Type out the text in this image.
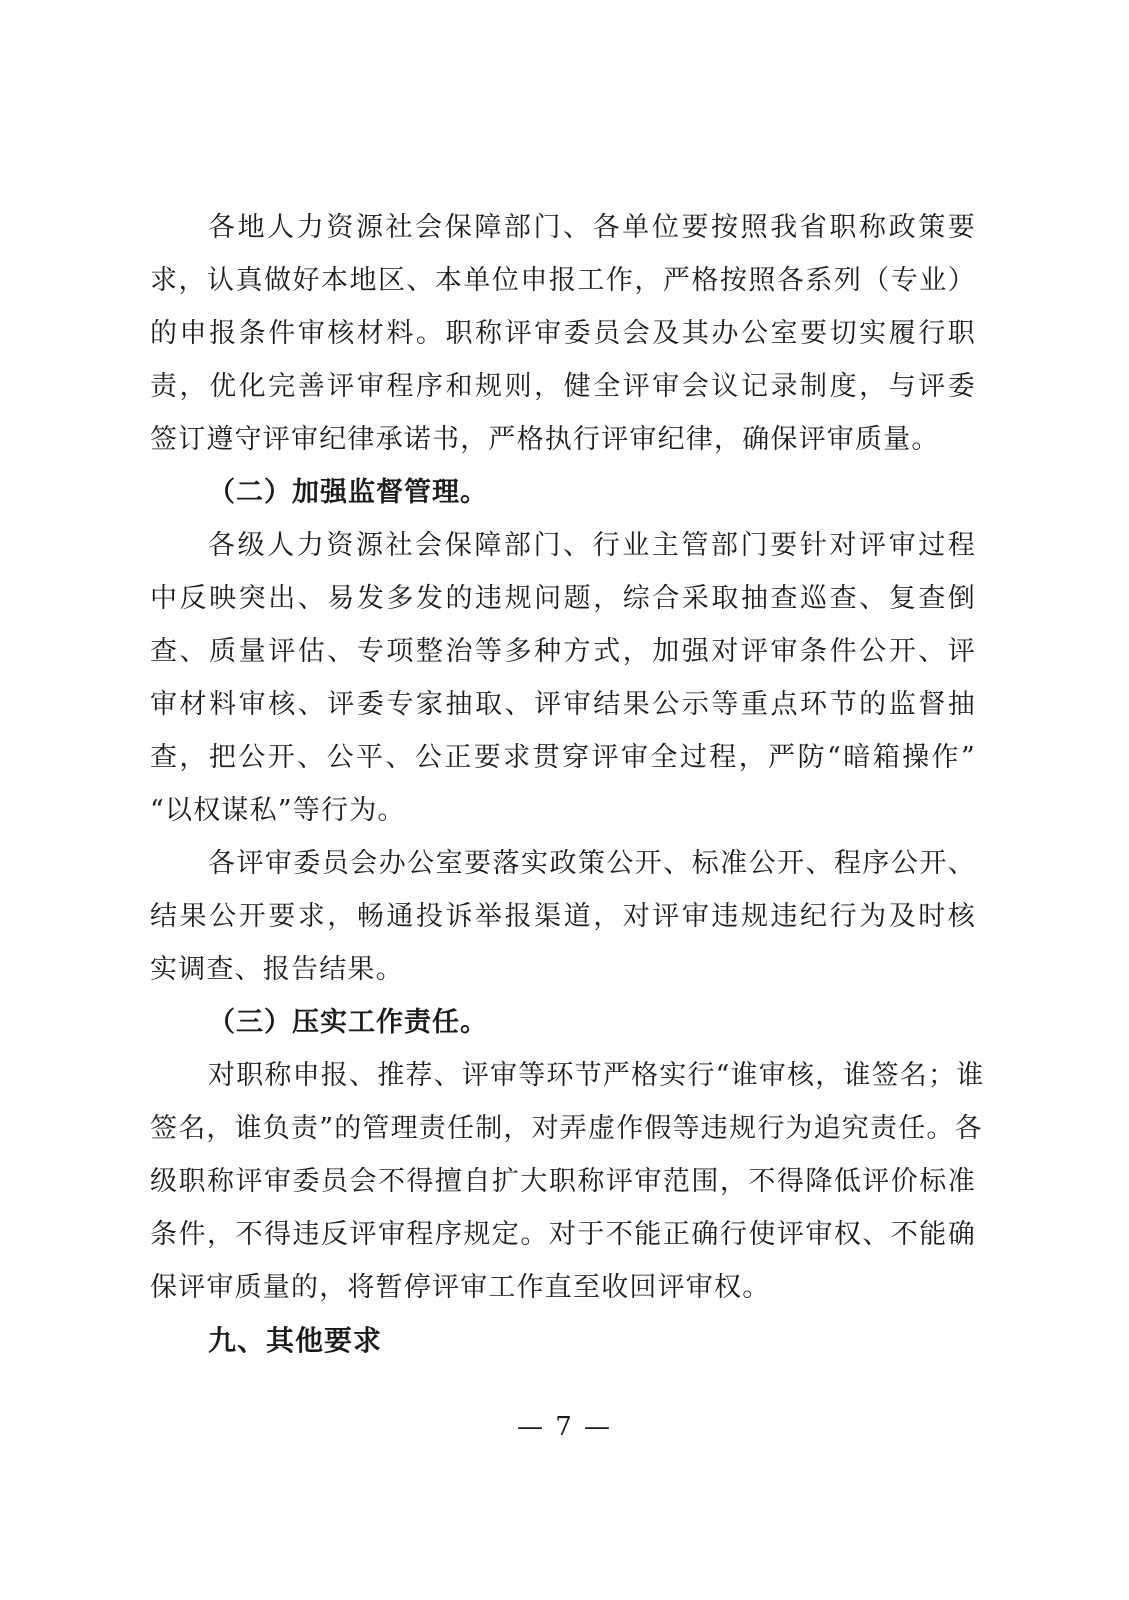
各地人力资源社会保障部门、各单位要按照我省职称政策要
求，认真做好本地区、本单位申报工作，严格按照各系列（专业）
的申报条件审核材料。职称评审委员会及其办公室要切实履行职
责，优化完善评审程序和规则，健全评审会议记录制度，与评委
签订遵守评审纪律承诺书，严格执行评审纪律，确保评审质量。
（二）加强监督管理。
各级人力资源社会保障部门、行业主管部门要针对评审过程
中反映突出、易发多发的违规问题，综合采取抽查巡查、复查倒
查、质量评估、专项整治等多种方式，加强对评审条件公开、评
审材料审核、评委专家抽取、评审结果公示等重点环节的监督抽
查，把公开、公平、公正要求贯穿评审全过程，严防“暗箱操作”
“以权谋私”等行为。
各评审委员会办公室要落实政策公开、标准公开、程序公开、
结果公开要求，畅通投诉举报渠道，对评审违规违纪行为及时核
实调查、报告结果。
（三）压实工作责任。
对职称申报、推荐、评审等环节严格实行“谁审核，谁签名；谁
签名，谁负责”的管理责任制，对弄虚作假等违规行为追究责任。各
级职称评审委员会不得擅自扩大职称评审范围，不得降低评价标准
条件，不得违反评审程序规定。对于不能正确行使评审权、不能确
保评审质量的，将暂停评审工作直至收回评审权。
九、其他要求
— 7 —
